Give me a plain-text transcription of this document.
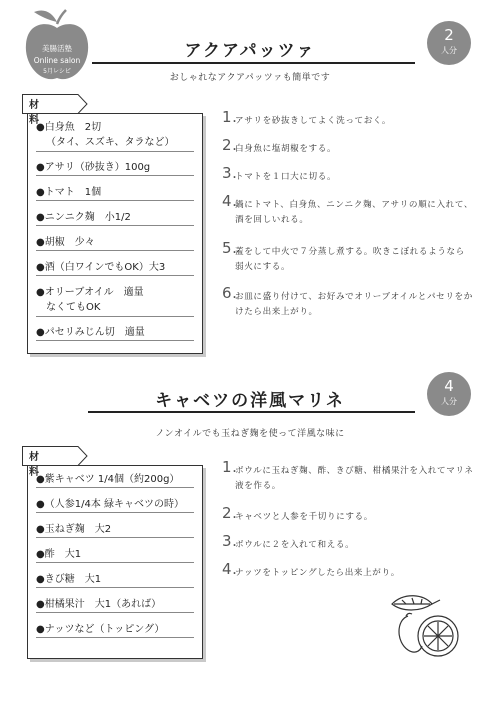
美腸活塾
Online salon
5月レシピ
アクアパッツァ
おしゃれなアクアパッツァも簡単です
2
人分
●白身魚　2切
（タイ、スズキ、タラなど）
●アサリ（砂抜き）100g
●トマト　1個
●ニンニク麹　小1/2
●胡椒　少々
●酒（白ワインでもOK）大3
●オリーブオイル　適量
なくてもOK
●パセリみじん切　適量
材料	1.
アサリを砂抜きしてよく洗っておく。
2.
白身魚に塩胡椒をする。
3.
トマトを１口大に切る。
4.
鍋にトマト、白身魚、ニンニク麹、アサリの順に入れて、酒を回しいれる。
5.
蓋をして中火で７分蒸し煮する。吹きこぼれるようなら弱火にする。
6.
お皿に盛り付けて、お好みでオリーブオイルとパセリをかけたら出来上がり。
キャベツの洋風マリネ
ノンオイルでも玉ねぎ麹を使って洋風な味に
4
人分
●紫キャベツ 1/4個（約200g）
●（人参1/4本 緑キャベツの時）
●玉ねぎ麹　大2
●酢　大1
●きび糖　大1
●柑橘果汁　大1（あれば）
●ナッツなど（トッピング）
材料	1.
ボウルに玉ねぎ麹、酢、きび糖、柑橘果汁を入れてマリネ液を作る。
2.
キャベツと人参を千切りにする。
3.
ボウルに２を入れて和える。
4.
ナッツをトッピングしたら出来上がり。
